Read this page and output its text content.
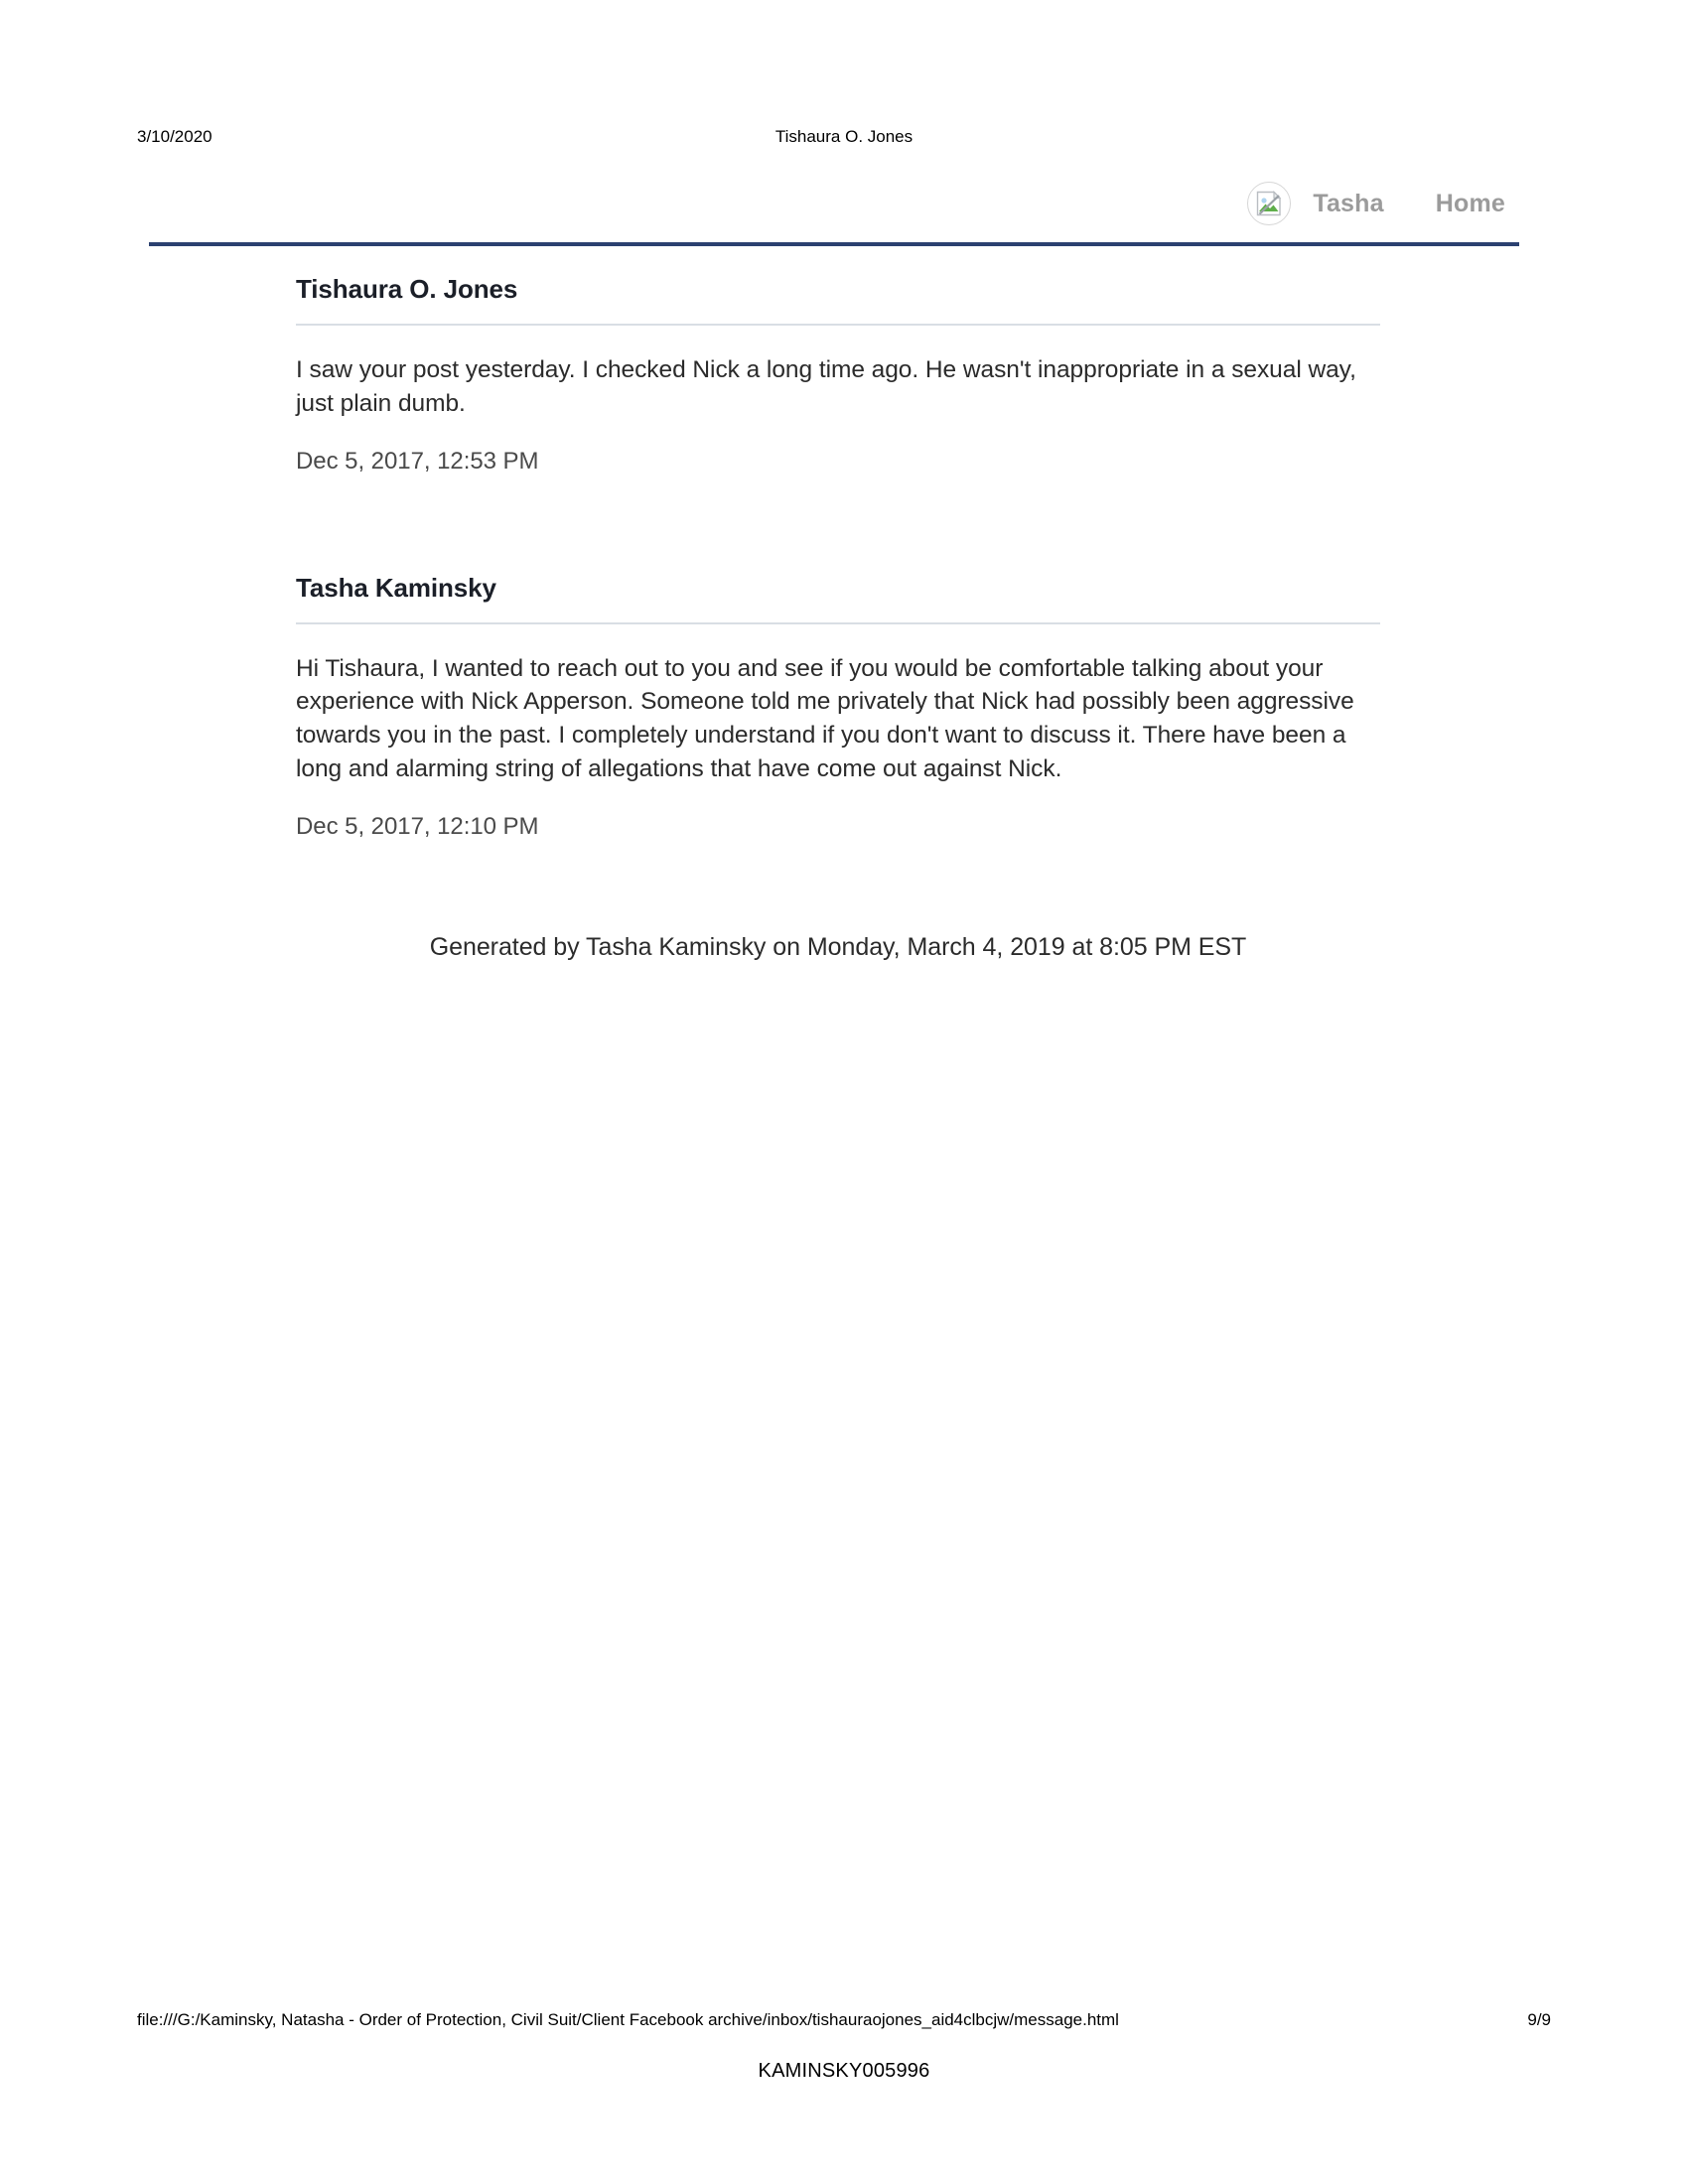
3/10/2020	Tishaura O. Jones
Tasha Home
Tishaura O. Jones

I saw your post yesterday. I checked Nick a long time ago. He wasn't inappropriate in a sexual way, just plain dumb.

Dec 5, 2017, 12:53 PM

Tasha Kaminsky

Hi Tishaura, I wanted to reach out to you and see if you would be comfortable talking about your experience with Nick Apperson. Someone told me privately that Nick had possibly been aggressive towards you in the past. I completely understand if you don't want to discuss it. There have been a long and alarming string of allegations that have come out against Nick.

Dec 5, 2017, 12:10 PM

Generated by Tasha Kaminsky on Monday, March 4, 2019 at 8:05 PM EST
file:///G:/Kaminsky, Natasha - Order of Protection, Civil Suit/Client Facebook archive/inbox/tishauraojones_aid4clbcjw/message.html	9/9
KAMINSKY005996
